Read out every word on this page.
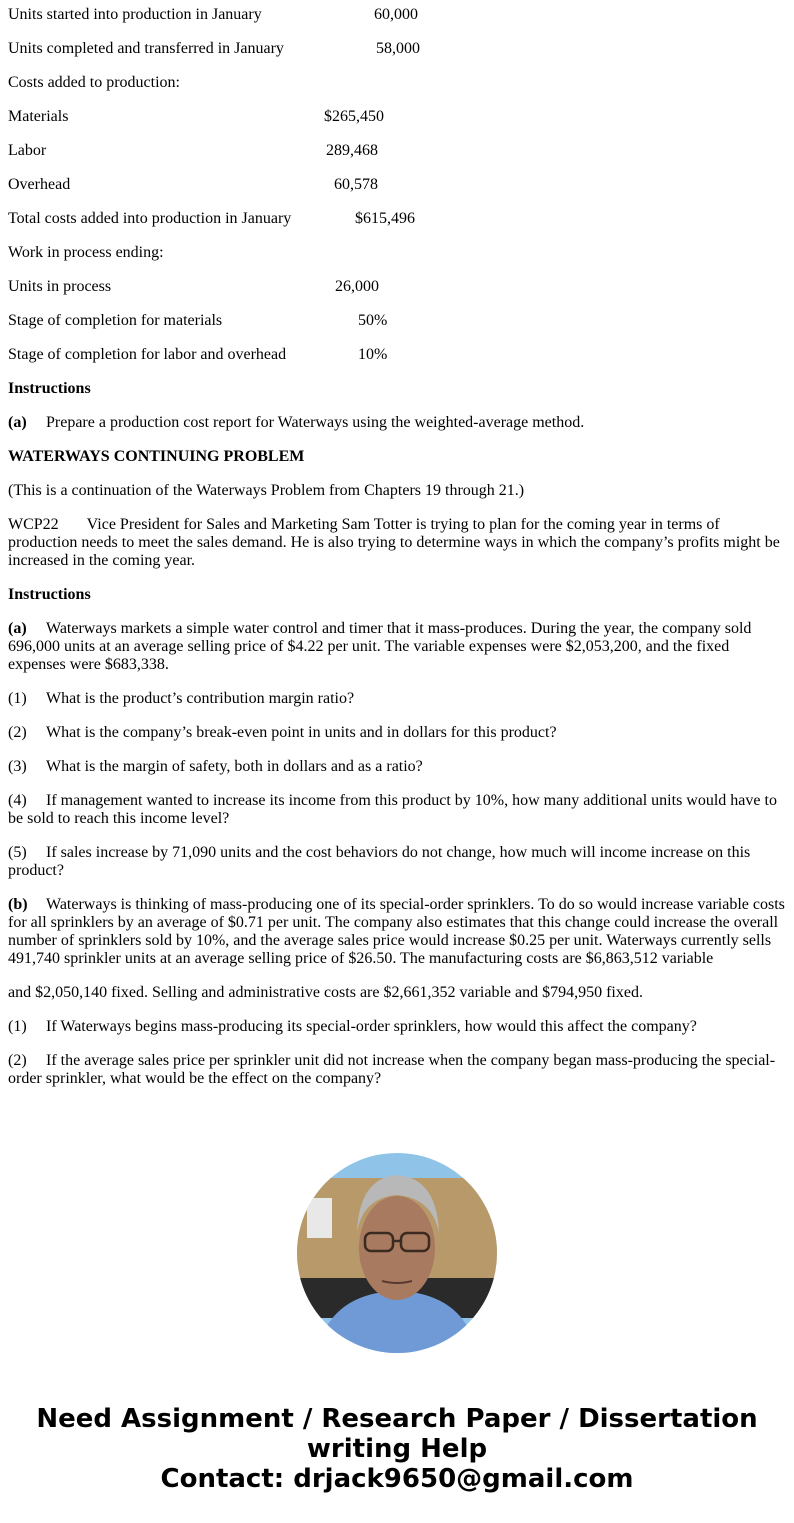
Units started into production in January	60,000
Units completed and transferred in January	58,000
Costs added to production:
Materials	$265,450
Labor	289,468
Overhead	60,578
Total costs added into production in January	$615,496
Work in process ending:
Units in process	26,000
Stage of completion for materials	50%
Stage of completion for labor and overhead	10%

Instructions

(a) Prepare a production cost report for Waterways using the weighted-average method.

WATERWAYS CONTINUING PROBLEM

(This is a continuation of the Waterways Problem from Chapters 19 through 21.)

WCP22 Vice President for Sales and Marketing Sam Totter is trying to plan for the coming year in terms of production needs to meet the sales demand. He is also trying to determine ways in which the company’s profits might be increased in the coming year.

Instructions

(a) Waterways markets a simple water control and timer that it mass-produces. During the year, the company sold 696,000 units at an average selling price of $4.22 per unit. The variable expenses were $2,053,200, and the fixed expenses were $683,338.

(1) What is the product’s contribution margin ratio?

(2) What is the company’s break-even point in units and in dollars for this product?

(3) What is the margin of safety, both in dollars and as a ratio?

(4) If management wanted to increase its income from this product by 10%, how many additional units would have to be sold to reach this income level?

(5) If sales increase by 71,090 units and the cost behaviors do not change, how much will income increase on this product?

(b) Waterways is thinking of mass-producing one of its special-order sprinklers. To do so would increase variable costs for all sprinklers by an average of $0.71 per unit. The company also estimates that this change could increase the overall number of sprinklers sold by 10%, and the average sales price would increase $0.25 per unit. Waterways currently sells 491,740 sprinkler units at an average selling price of $26.50. The manufacturing costs are $6,863,512 variable

and $2,050,140 fixed. Selling and administrative costs are $2,661,352 variable and $794,950 fixed.

(1) If Waterways begins mass-producing its special-order sprinklers, how would this affect the company?

(2) If the average sales price per sprinkler unit did not increase when the company began mass-producing the special-order sprinkler, what would be the effect on the company?

Need Assignment / Research Paper / Dissertation
writing Help
Contact: drjack9650@gmail.com
